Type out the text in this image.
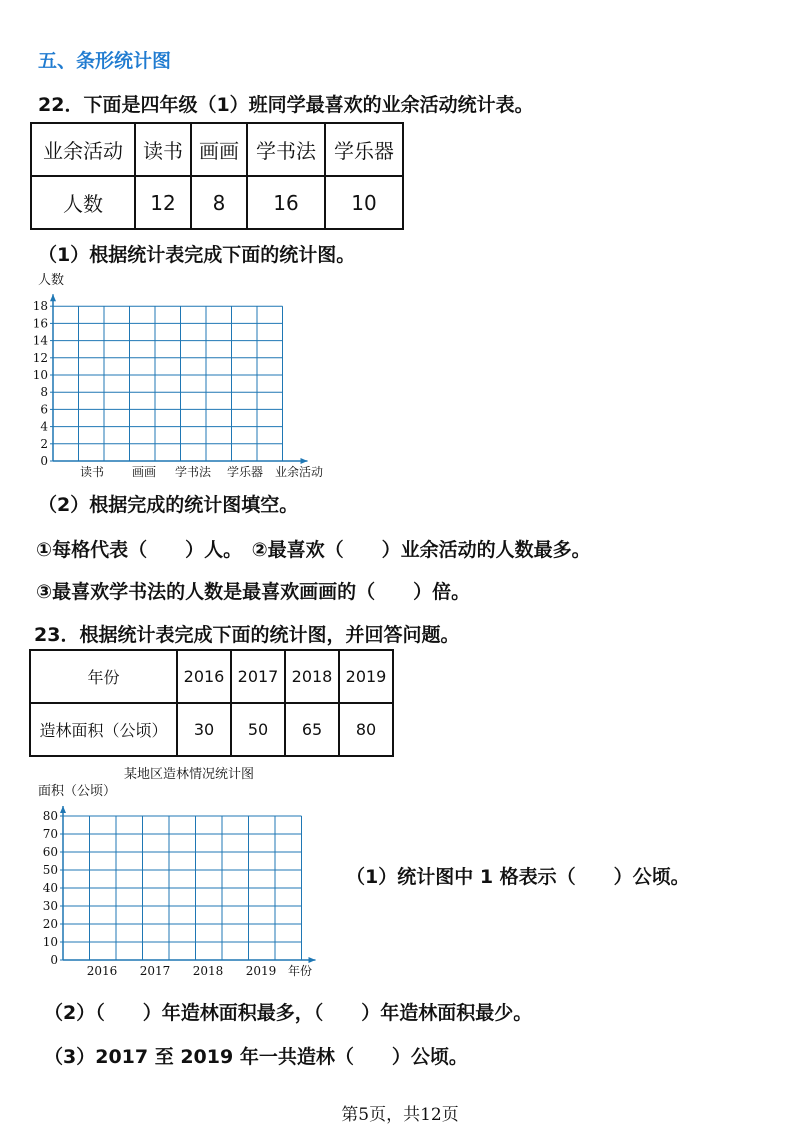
五、条形统计图
22．下面是四年级（1）班同学最喜欢的业余活动统计表。
业余活动	读书	画画	学书法	学乐器
人数	12	8	16	10
（1）根据统计表完成下面的统计图。
人数
0
2
4
6
8
10
12
14
16
18
读书 画画 学书法 学乐器 业余活动
（2）根据完成的统计图填空。
①每格代表（　　）人。　②最喜欢（　　）业余活动的人数最多。
③最喜欢学书法的人数是最喜欢画画的（　　）倍。
23．根据统计表完成下面的统计图，并回答问题。
年份	2016	2017	2018	2019
造林面积（公顷）	30	50	65	80
某地区造林情况统计图
面积（公顷）
0
10
20
30
40
50
60
70
80
2016 2017 2018 2019 年份
（1）统计图中 1 格表示（　　）公顷。
（2）（　　）年造林面积最多，（　　）年造林面积最少。
（3）2017 至 2019 年一共造林（　　）公顷。
第5页，共12页
